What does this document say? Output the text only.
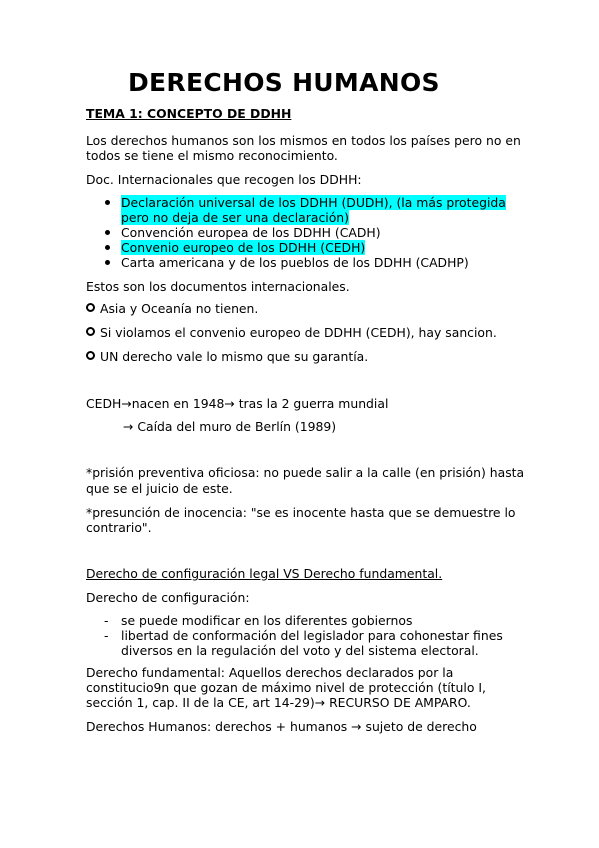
DERECHOS HUMANOS
TEMA 1: CONCEPTO DE DDHH
Los derechos humanos son los mismos en todos los países pero no en
todos se tiene el mismo reconocimiento.
Doc. Internacionales que recogen los DDHH:
Declaración universal de los DDHH (DUDH), (la más protegida
pero no deja de ser una declaración)
Convención europea de los DDHH (CADH)
Convenio europeo de los DDHH (CEDH)
Carta americana y de los pueblos de los DDHH (CADHP)
Estos son los documentos internacionales.
Asia y Oceanía no tienen.
Si violamos el convenio europeo de DDHH (CEDH), hay sancion.
UN derecho vale lo mismo que su garantía.
CEDH→nacen en 1948→ tras la 2 guerra mundial
→ Caída del muro de Berlín (1989)
*prisión preventiva oficiosa: no puede salir a la calle (en prisión) hasta
que se el juicio de este.
*presunción de inocencia: "se es inocente hasta que se demuestre lo
contrario".
Derecho de configuración legal VS Derecho fundamental.
Derecho de configuración:
- se puede modificar en los diferentes gobiernos
- libertad de conformación del legislador para cohonestar fines
diversos en la regulación del voto y del sistema electoral.
Derecho fundamental: Aquellos derechos declarados por la
constitucio9n que gozan de máximo nivel de protección (título I,
sección 1, cap. II de la CE, art 14-29)→ RECURSO DE AMPARO.
Derechos Humanos: derechos + humanos → sujeto de derecho
